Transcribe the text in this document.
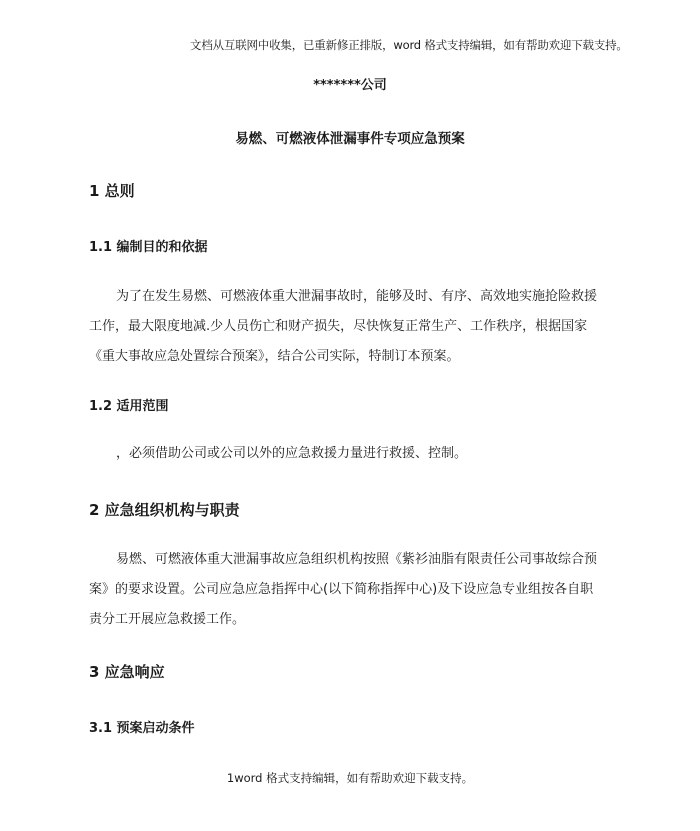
文档从互联网中收集，已重新修正排版，word 格式支持编辑，如有帮助欢迎下载支持。
*******公司
易燃、可燃液体泄漏事件专项应急预案
1 总则
1.1 编制目的和依据
为了在发生易燃、可燃液体重大泄漏事故时，能够及时、有序、高效地实施抢险救援
工作，最大限度地减.少人员伤亡和财产损失，尽快恢复正常生产、工作秩序，根据国家
《重大事故应急处置综合预案》，结合公司实际，特制订本预案。
1.2 适用范围
，必须借助公司或公司以外的应急救援力量进行救援、控制。
2 应急组织机构与职责
易燃、可燃液体重大泄漏事故应急组织机构按照《紫衫油脂有限责任公司事故综合预
案》的要求设置。公司应急应急指挥中心(以下简称指挥中心)及下设应急专业组按各自职
责分工开展应急救援工作。
3 应急响应
3.1 预案启动条件
1word 格式支持编辑，如有帮助欢迎下载支持。
